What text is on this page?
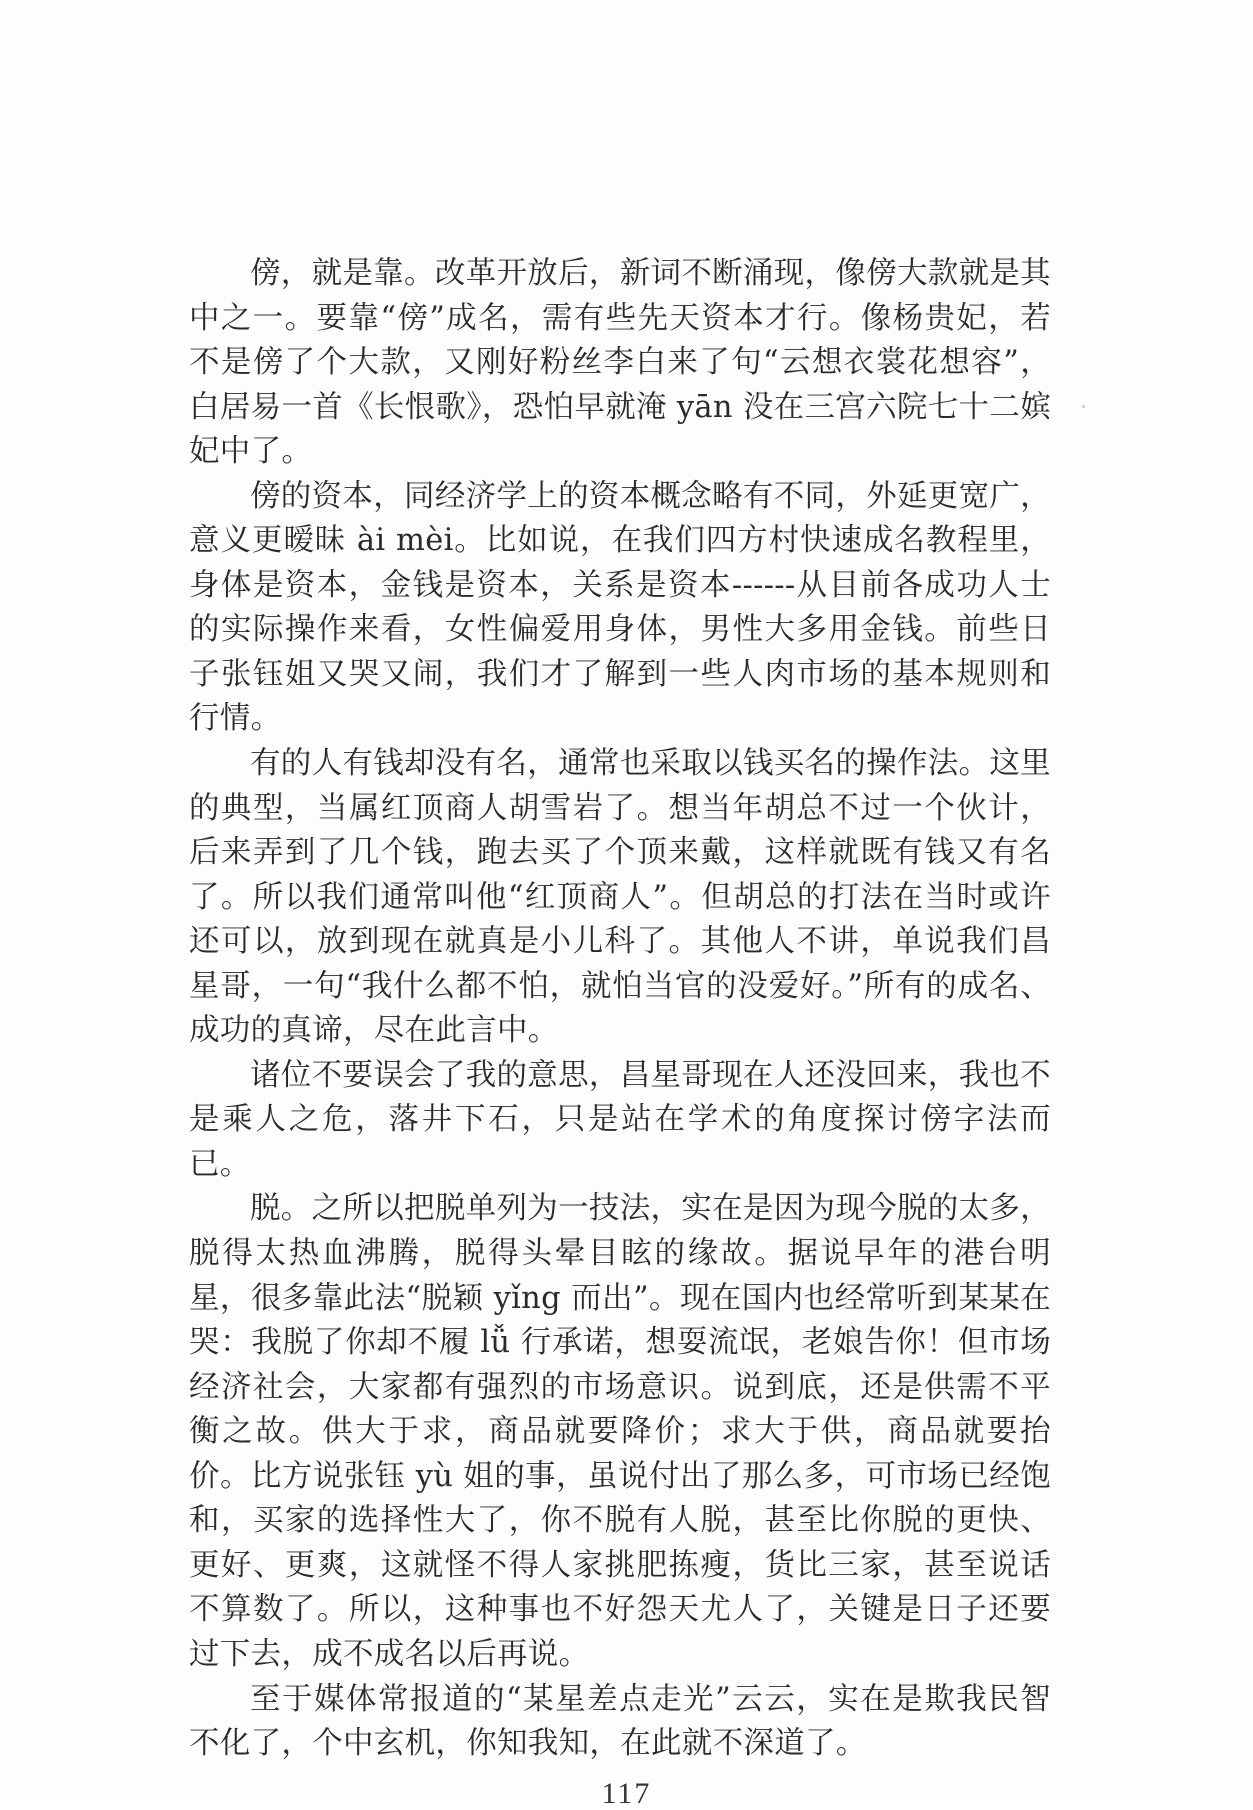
傍，就是靠。改革开放后，新词不断涌现，像傍大款就是其中之一。要靠“傍”成名，需有些先天资本才行。像杨贵妃，若不是傍了个大款，又刚好粉丝李白来了句“云想衣裳花想容”，白居易一首《长恨歌》，恐怕早就淹 yān 没在三宫六院七十二嫔妃中了。

傍的资本，同经济学上的资本概念略有不同，外延更宽广，意义更暧昧 ài mèi。比如说，在我们四方村快速成名教程里，身体是资本，金钱是资本，关系是资本------从目前各成功人士的实际操作来看，女性偏爱用身体，男性大多用金钱。前些日子张钰姐又哭又闹，我们才了解到一些人肉市场的基本规则和行情。

有的人有钱却没有名，通常也采取以钱买名的操作法。这里的典型，当属红顶商人胡雪岩了。想当年胡总不过一个伙计，后来弄到了几个钱，跑去买了个顶来戴，这样就既有钱又有名了。所以我们通常叫他“红顶商人”。但胡总的打法在当时或许还可以，放到现在就真是小儿科了。其他人不讲，单说我们昌星哥，一句“我什么都不怕，就怕当官的没爱好。”所有的成名、成功的真谛，尽在此言中。

诸位不要误会了我的意思，昌星哥现在人还没回来，我也不是乘人之危，落井下石，只是站在学术的角度探讨傍字法而已。

脱。之所以把脱单列为一技法，实在是因为现今脱的太多，脱得太热血沸腾，脱得头晕目眩的缘故。据说早年的港台明星，很多靠此法“脱颖 yǐng 而出”。现在国内也经常听到某某在哭：我脱了你却不履 lǚ 行承诺，想耍流氓，老娘告你！但市场经济社会，大家都有强烈的市场意识。说到底，还是供需不平衡之故。供大于求，商品就要降价；求大于供，商品就要抬价。比方说张钰 yù 姐的事，虽说付出了那么多，可市场已经饱和，买家的选择性大了，你不脱有人脱，甚至比你脱的更快、更好、更爽，这就怪不得人家挑肥拣瘦，货比三家，甚至说话不算数了。所以，这种事也不好怨天尤人了，关键是日子还要过下去，成不成名以后再说。

至于媒体常报道的“某星差点走光”云云，实在是欺我民智不化了，个中玄机，你知我知，在此就不深道了。

117
